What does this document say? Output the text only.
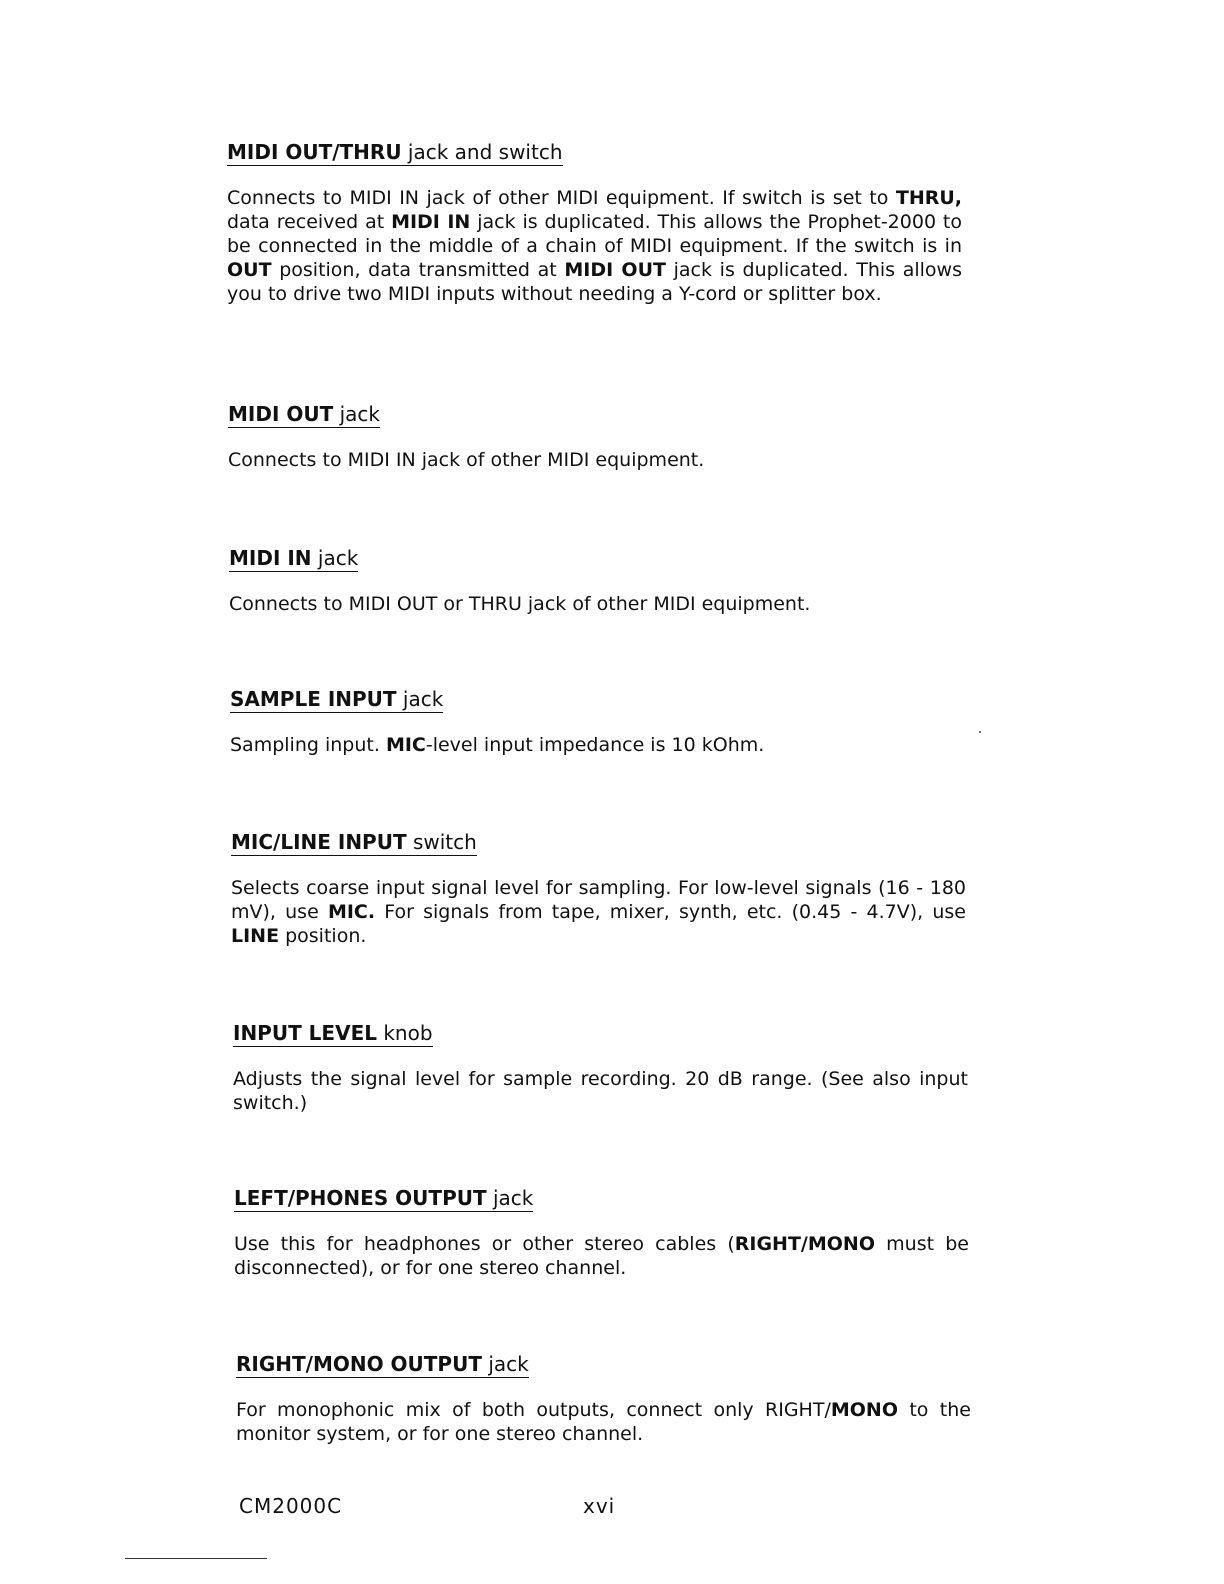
MIDI OUT/THRU jack and switch

Connects to MIDI IN jack of other MIDI equipment. If switch is set to THRU, data received at MIDI IN jack is duplicated. This allows the Prophet-2000 to be connected in the middle of a chain of MIDI equipment. If the switch is in OUT position, data transmitted at MIDI OUT jack is duplicated. This allows you to drive two MIDI inputs without needing a Y-cord or splitter box.

MIDI OUT jack

Connects to MIDI IN jack of other MIDI equipment.

MIDI IN jack

Connects to MIDI OUT or THRU jack of other MIDI equipment.

SAMPLE INPUT jack

Sampling input. MIC-level input impedance is 10 kOhm.

MIC/LINE INPUT switch

Selects coarse input signal level for sampling. For low-level signals (16 - 180 mV), use MIC. For signals from tape, mixer, synth, etc. (0.45 - 4.7V), use LINE position.

INPUT LEVEL knob

Adjusts the signal level for sample recording. 20 dB range. (See also input switch.)

LEFT/PHONES OUTPUT jack

Use this for headphones or other stereo cables (RIGHT/MONO must be disconnected), or for one stereo channel.

RIGHT/MONO OUTPUT jack

For monophonic mix of both outputs, connect only RIGHT/MONO to the monitor system, or for one stereo channel.

CM2000C	xvi
